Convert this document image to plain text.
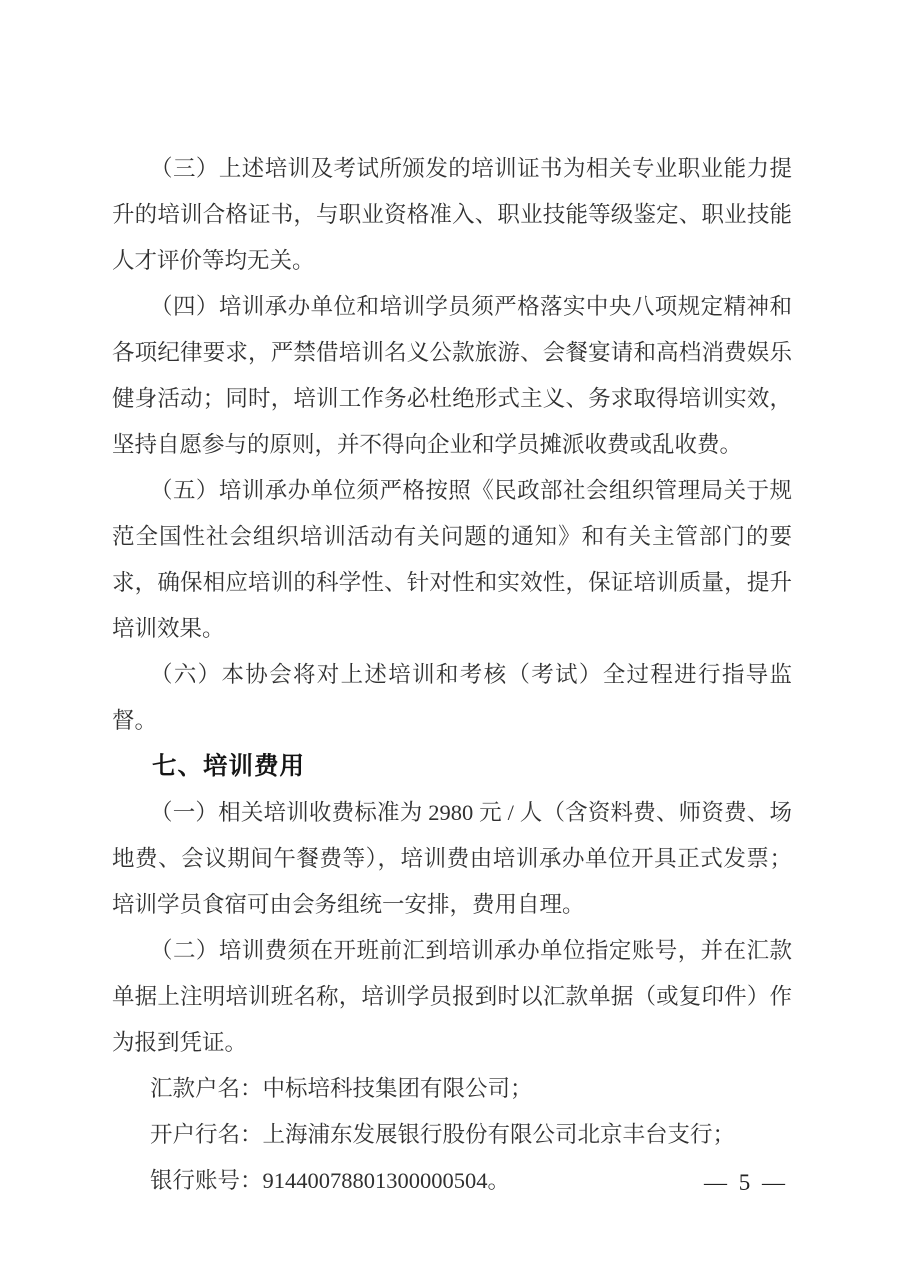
（三）上述培训及考试所颁发的培训证书为相关专业职业能力提升的培训合格证书，与职业资格准入、职业技能等级鉴定、职业技能人才评价等均无关。

（四）培训承办单位和培训学员须严格落实中央八项规定精神和各项纪律要求，严禁借培训名义公款旅游、会餐宴请和高档消费娱乐健身活动；同时，培训工作务必杜绝形式主义、务求取得培训实效，坚持自愿参与的原则，并不得向企业和学员摊派收费或乱收费。

（五）培训承办单位须严格按照《民政部社会组织管理局关于规范全国性社会组织培训活动有关问题的通知》和有关主管部门的要求，确保相应培训的科学性、针对性和实效性，保证培训质量，提升培训效果。

（六）本协会将对上述培训和考核（考试）全过程进行指导监督。

七、培训费用

（一）相关培训收费标准为 2980 元 / 人（含资料费、师资费、场地费、会议期间午餐费等），培训费由培训承办单位开具正式发票；培训学员食宿可由会务组统一安排，费用自理。

（二）培训费须在开班前汇到培训承办单位指定账号，并在汇款单据上注明培训班名称，培训学员报到时以汇款单据（或复印件）作为报到凭证。

汇款户名：中标培科技集团有限公司；

开户行名：上海浦东发展银行股份有限公司北京丰台支行；

银行账号：91440078801300000504。	— 5 —
